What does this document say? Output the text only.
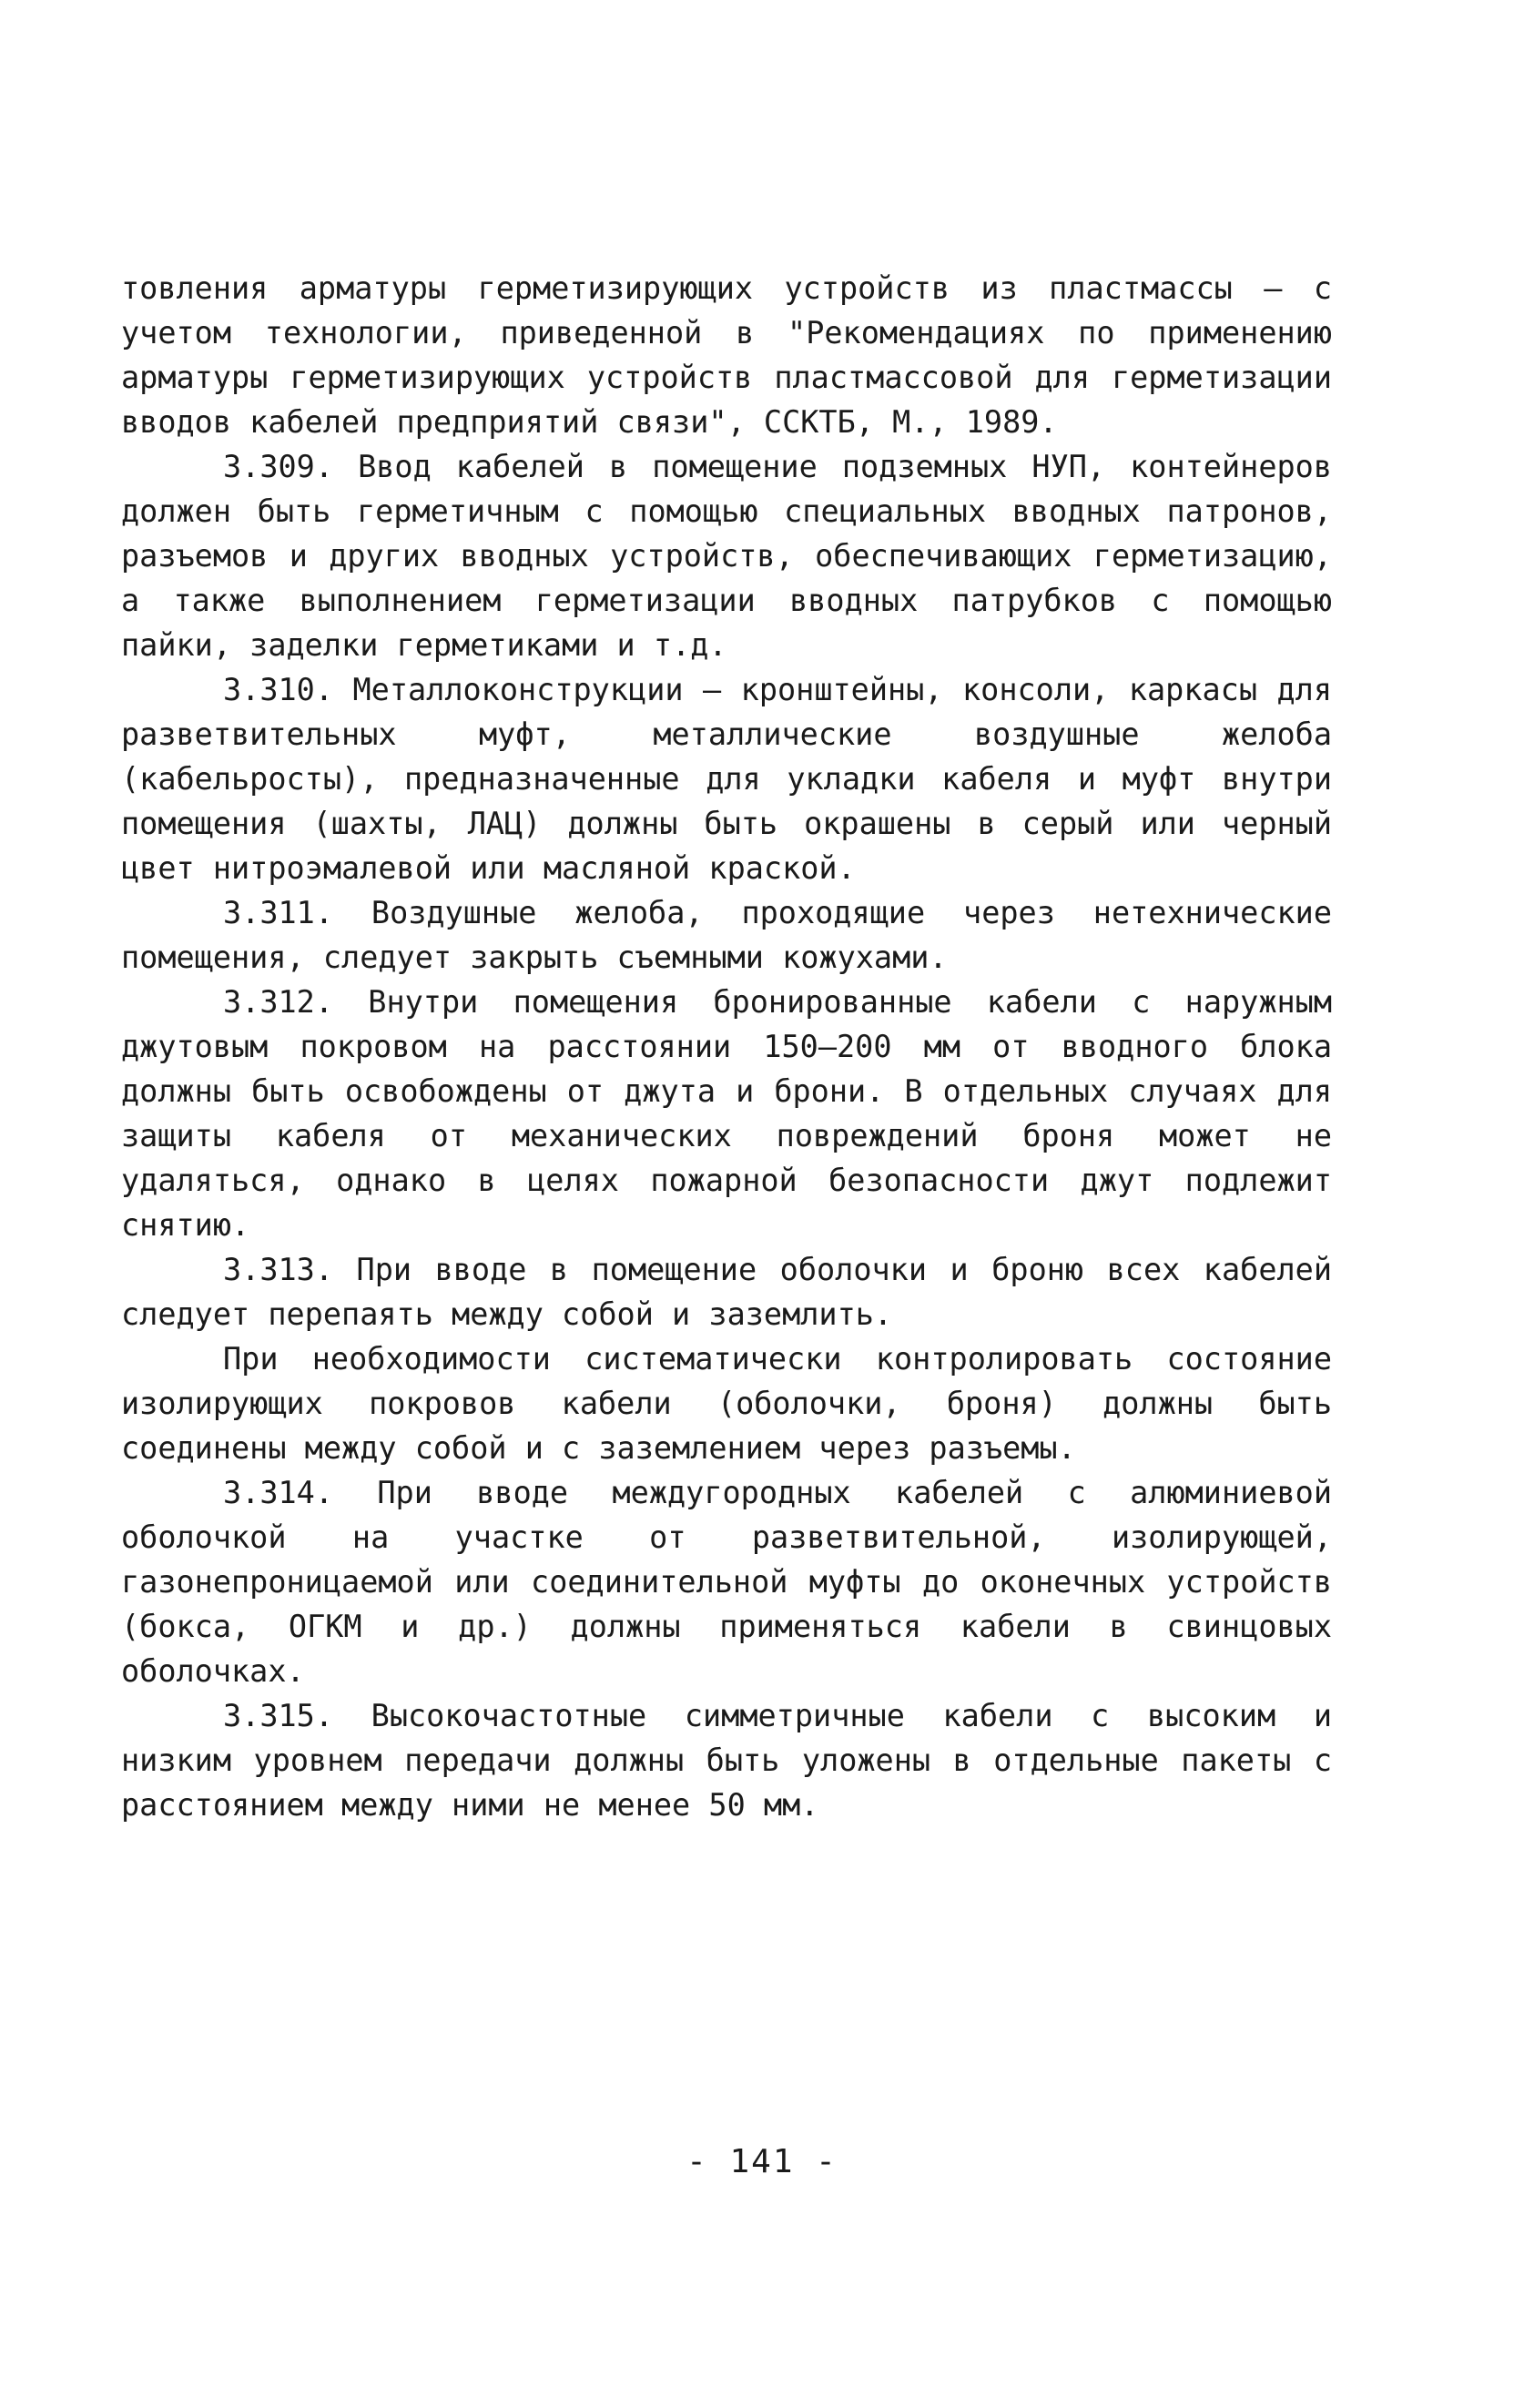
товления арматуры герметизирующих устройств из пластмассы – с учетом технологии, приведенной в "Рекомендациях по применению арматуры герметизирующих устройств пластмассовой для герметизации вводов кабелей предприятий связи", ССКТБ, М., 1989.

3.309. Ввод кабелей в помещение подземных НУП, контейнеров должен быть герметичным с помощью специальных вводных патронов, разъемов и других вводных устройств, обеспечивающих герметизацию, а также выполнением герметизации вводных патрубков с помощью пайки, заделки герметиками и т.д.

3.310. Металлоконструкции – кронштейны, консоли, каркасы для разветвительных муфт, металлические воздушные желоба (кабельросты), предназначенные для укладки кабеля и муфт внутри помещения (шахты, ЛАЦ) должны быть окрашены в серый или черный цвет нитроэмалевой или масляной краской.

3.311. Воздушные желоба, проходящие через нетехнические помещения, следует закрыть съемными кожухами.

3.312. Внутри помещения бронированные кабели с наружным джутовым покровом на расстоянии 150–200 мм от вводного блока должны быть освобождены от джута и брони. В отдельных случаях для защиты кабеля от механических повреждений броня может не удаляться, однако в целях пожарной безопасности джут подлежит снятию.

3.313. При вводе в помещение оболочки и броню всех кабелей следует перепаять между собой и заземлить.

При необходимости систематически контролировать состояние изолирующих покровов кабели (оболочки, броня) должны быть соединены между собой и с заземлением через разъемы.

3.314. При вводе междугородных кабелей с алюминиевой оболочкой на участке от разветвительной, изолирующей, газонепроницаемой или соединительной муфты до оконечных устройств (бокса, ОГКМ и др.) должны применяться кабели в свинцовых оболочках.

3.315. Высокочастотные симметричные кабели с высоким и низким уровнем передачи должны быть уложены в отдельные пакеты с расстоянием между ними не менее 50 мм.

- 141 -
